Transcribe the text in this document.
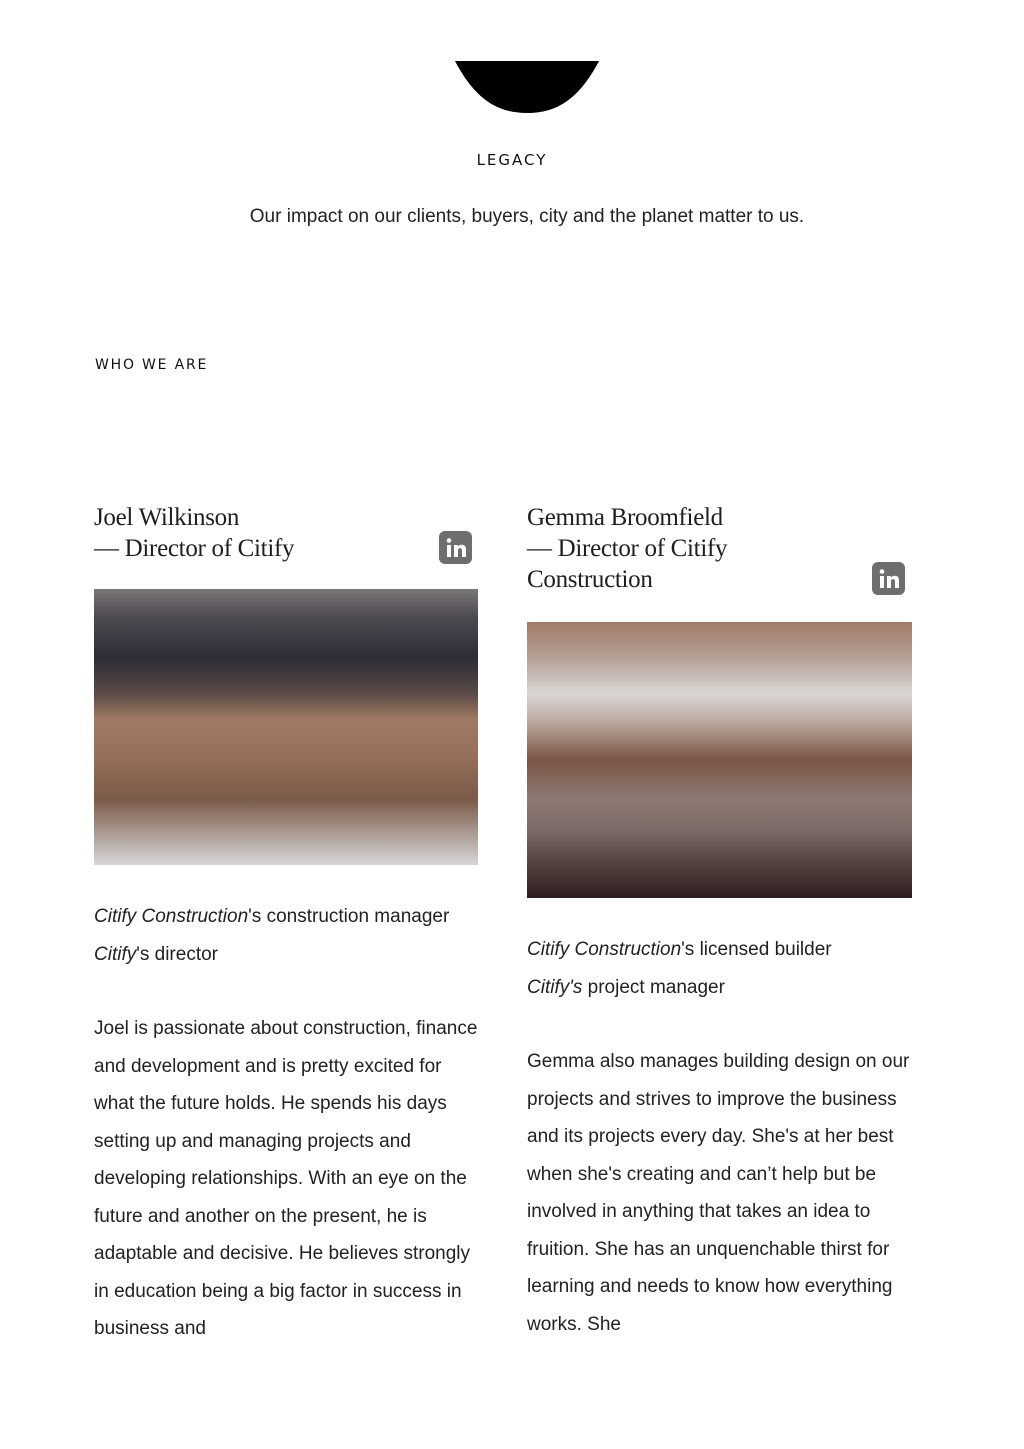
LEGACY
Our impact on our clients, buyers, city and the planet matter to us.
WHO WE ARE
Joel Wilkinson
— Director of Citify
Citify Construction's construction manager
Citify's director
Joel is passionate about construction, finance and development and is pretty excited for what the future holds. He spends his days setting up and managing projects and developing relationships. With an eye on the future and another on the present, he is adaptable and decisive. He believes strongly in education being a big factor in success in business and
Gemma Broomfield
— Director of Citify
Construction
Citify Construction's licensed builder
Citify's project manager
Gemma also manages building design on our projects and strives to improve the business and its projects every day. She's at her best when she's creating and can’t help but be involved in anything that takes an idea to fruition. She has an unquenchable thirst for learning and needs to know how everything works. She
